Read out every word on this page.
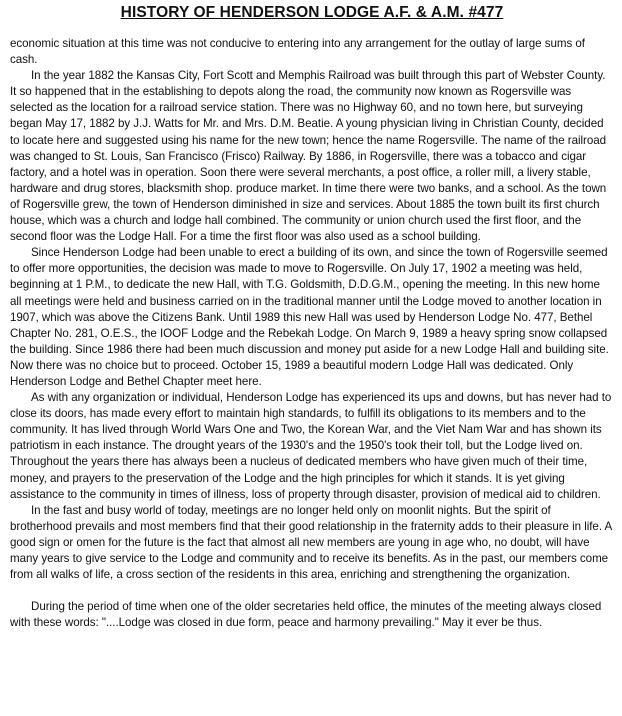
HISTORY OF HENDERSON LODGE A.F. & A.M. #477

economic situation at this time was not conducive to entering into any arrangement for the outlay of large sums of cash.

In the year 1882 the Kansas City, Fort Scott and Memphis Railroad was built through this part of Webster County. It so happened that in the establishing to depots along the road, the community now known as Rogersville was selected as the location for a railroad service station. There was no Highway 60, and no town here, but surveying began May 17, 1882 by J.J. Watts for Mr. and Mrs. D.M. Beatie. A young physician living in Christian County, decided to locate here and suggested using his name for the new town; hence the name Rogersville. The name of the railroad was changed to St. Louis, San Francisco (Frisco) Railway. By 1886, in Rogersville, there was a tobacco and cigar factory, and a hotel was in operation. Soon there were several merchants, a post office, a roller mill, a livery stable, hardware and drug stores, blacksmith shop. produce market. In time there were two banks, and a school. As the town of Rogersville grew, the town of Henderson diminished in size and services. About 1885 the town built its first church house, which was a church and lodge hall combined. The community or union church used the first floor, and the second floor was the Lodge Hall. For a time the first floor was also used as a school building.

Since Henderson Lodge had been unable to erect a building of its own, and since the town of Rogersville seemed to offer more opportunities, the decision was made to move to Rogersville. On July 17, 1902 a meeting was held, beginning at 1 P.M., to dedicate the new Hall, with T.G. Goldsmith, D.D.G.M., opening the meeting. In this new home all meetings were held and business carried on in the traditional manner until the Lodge moved to another location in 1907, which was above the Citizens Bank. Until 1989 this new Hall was used by Henderson Lodge No. 477, Bethel Chapter No. 281, O.E.S., the IOOF Lodge and the Rebekah Lodge. On March 9, 1989 a heavy spring snow collapsed the building. Since 1986 there had been much discussion and money put aside for a new Lodge Hall and building site. Now there was no choice but to proceed. October 15, 1989 a beautiful modern Lodge Hall was dedicated. Only Henderson Lodge and Bethel Chapter meet here.

As with any organization or individual, Henderson Lodge has experienced its ups and downs, but has never had to close its doors, has made every effort to maintain high standards, to fulfill its obligations to its members and to the community. It has lived through World Wars One and Two, the Korean War, and the Viet Nam War and has shown its patriotism in each instance. The drought years of the 1930's and the 1950's took their toll, but the Lodge lived on. Throughout the years there has always been a nucleus of dedicated members who have given much of their time, money, and prayers to the preservation of the Lodge and the high principles for which it stands. It is yet giving assistance to the community in times of illness, loss of property through disaster, provision of medical aid to children.

In the fast and busy world of today, meetings are no longer held only on moonlit nights. But the spirit of brotherhood prevails and most members find that their good relationship in the fraternity adds to their pleasure in life. A good sign or omen for the future is the fact that almost all new members are young in age who, no doubt, will have many years to give service to the Lodge and community and to receive its benefits. As in the past, our members come from all walks of life, a cross section of the residents in this area, enriching and strengthening the organization.

During the period of time when one of the older secretaries held office, the minutes of the meeting always closed with these words: "....Lodge was closed in due form, peace and harmony prevailing." May it ever be thus.
